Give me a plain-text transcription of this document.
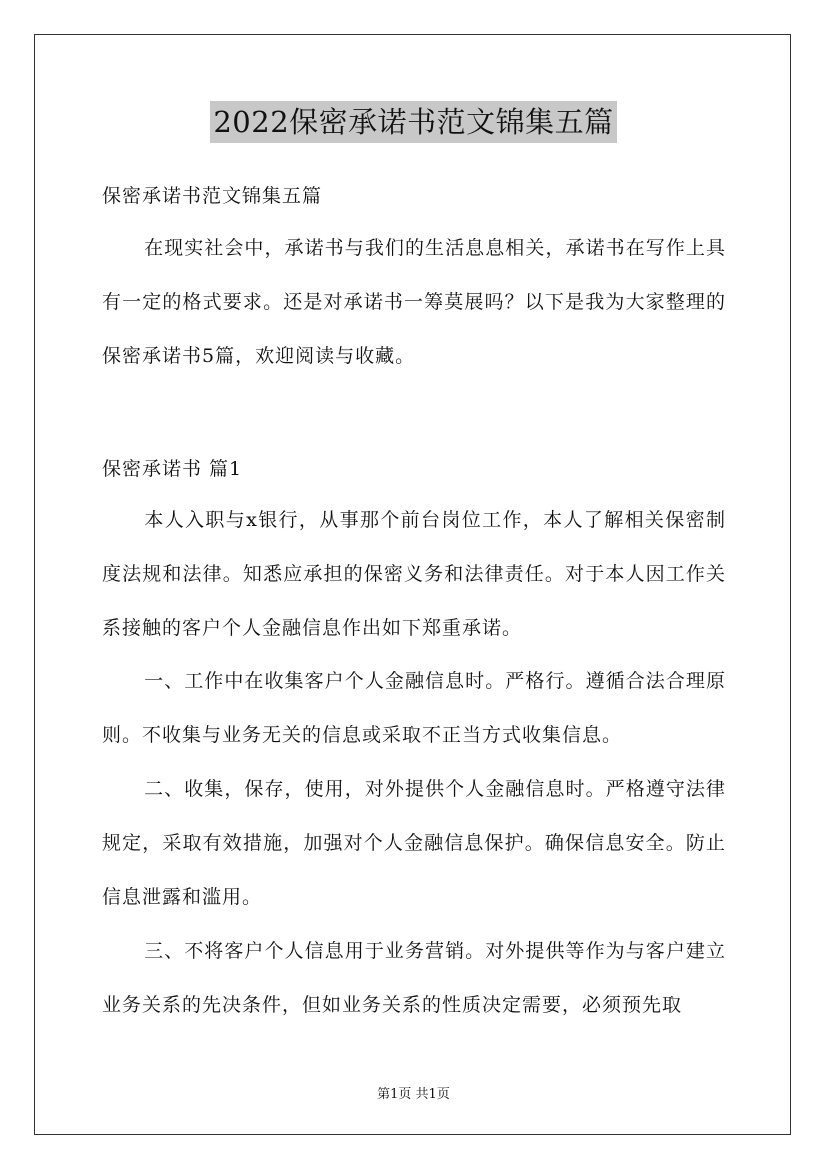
2022保密承诺书范文锦集五篇
保密承诺书范文锦集五篇

在现实社会中，承诺书与我们的生活息息相关，承诺书在写作上具有一定的格式要求。还是对承诺书一筹莫展吗？以下是我为大家整理的保密承诺书5篇，欢迎阅读与收藏。

保密承诺书 篇1

本人入职与x银行，从事那个前台岗位工作，本人了解相关保密制度法规和法律。知悉应承担的保密义务和法律责任。对于本人因工作关系接触的客户个人金融信息作出如下郑重承诺。

一、工作中在收集客户个人金融信息时。严格行。遵循合法合理原则。不收集与业务无关的信息或采取不正当方式收集信息。

二、收集，保存，使用，对外提供个人金融信息时。严格遵守法律规定，采取有效措施，加强对个人金融信息保护。确保信息安全。防止信息泄露和滥用。

三、不将客户个人信息用于业务营销。对外提供等作为与客户建立业务关系的先决条件，但如业务关系的性质决定需要，必须预先取

第1页 共1页
